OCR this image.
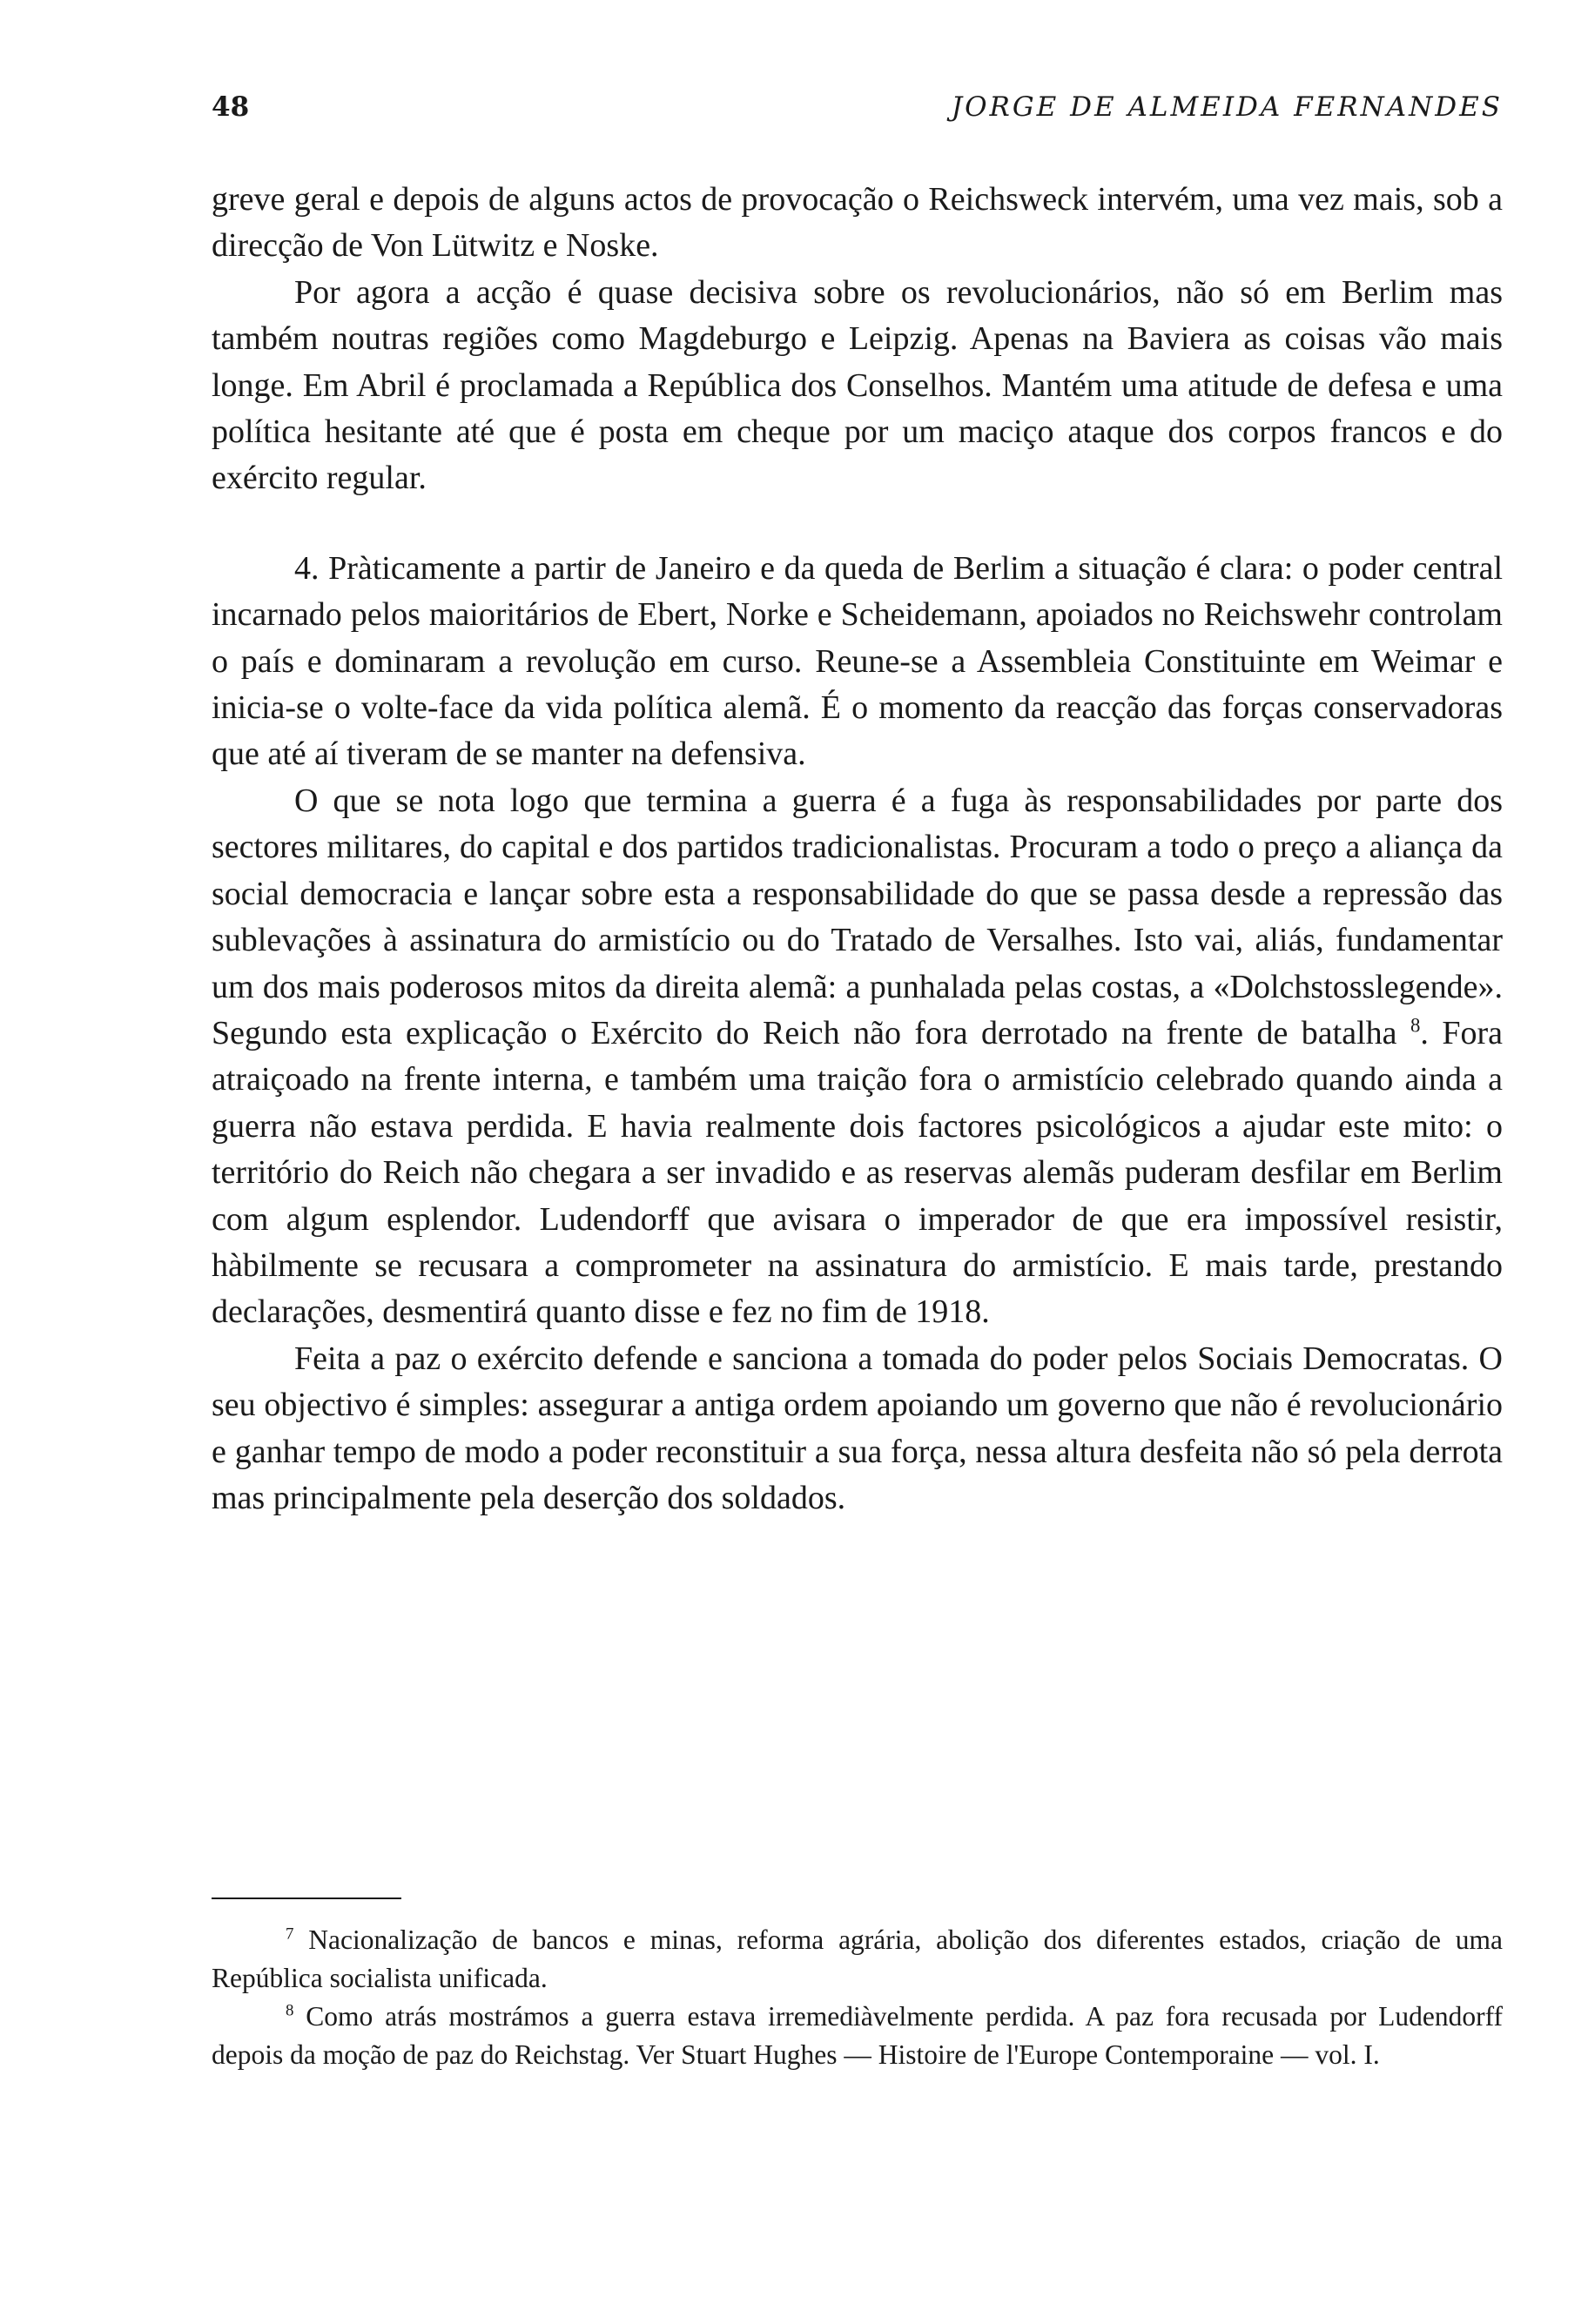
48	JORGE DE ALMEIDA FERNANDES

greve geral e depois de alguns actos de provocação o Reichsweck intervém, uma vez mais, sob a direcção de Von Lütwitz e Noske.

Por agora a acção é quase decisiva sobre os revolucionários, não só em Berlim mas também noutras regiões como Magdeburgo e Leipzig. Apenas na Baviera as coisas vão mais longe. Em Abril é proclamada a República dos Conselhos. Mantém uma atitude de defesa e uma política hesitante até que é posta em cheque por um maciço ataque dos corpos francos e do exército regular.

4. Pràticamente a partir de Janeiro e da queda de Berlim a situação é clara: o poder central incarnado pelos maioritários de Ebert, Norke e Scheidemann, apoiados no Reichswehr controlam o país e dominaram a revolução em curso. Reune-se a Assembleia Constituinte em Weimar e inicia-se o volte-face da vida política alemã. É o momento da reacção das forças conservadoras que até aí tiveram de se manter na defensiva.

O que se nota logo que termina a guerra é a fuga às responsabilidades por parte dos sectores militares, do capital e dos partidos tradicionalistas. Procuram a todo o preço a aliança da social democracia e lançar sobre esta a responsabilidade do que se passa desde a repressão das sublevações à assinatura do armistício ou do Tratado de Versalhes. Isto vai, aliás, fundamentar um dos mais poderosos mitos da direita alemã: a punhalada pelas costas, a «Dolchstosslegende». Segundo esta explicação o Exército do Reich não fora derrotado na frente de batalha $^8$. Fora atraiçoado na frente interna, e também uma traição fora o armistício celebrado quando ainda a guerra não estava perdida. E havia realmente dois factores psicológicos a ajudar este mito: o território do Reich não chegara a ser invadido e as reservas alemãs puderam desfilar em Berlim com algum esplendor. Ludendorff que avisara o imperador de que era impossível resistir, hàbilmente se recusara a comprometer na assinatura do armistício. E mais tarde, prestando declarações, desmentirá quanto disse e fez no fim de 1918.

Feita a paz o exército defende e sanciona a tomada do poder pelos Sociais Democratas. O seu objectivo é simples: assegurar a antiga ordem apoiando um governo que não é revolucionário e ganhar tempo de modo a poder reconstituir a sua força, nessa altura desfeita não só pela derrota mas principalmente pela deserção dos soldados.

$^7$ Nacionalização de bancos e minas, reforma agrária, abolição dos diferentes estados, criação de uma República socialista unificada.

$^8$ Como atrás mostrámos a guerra estava irremediàvelmente perdida. A paz fora recusada por Ludendorff depois da moção de paz do Reichstag. Ver Stuart Hughes — Histoire de l'Europe Contemporaine — vol. I.
